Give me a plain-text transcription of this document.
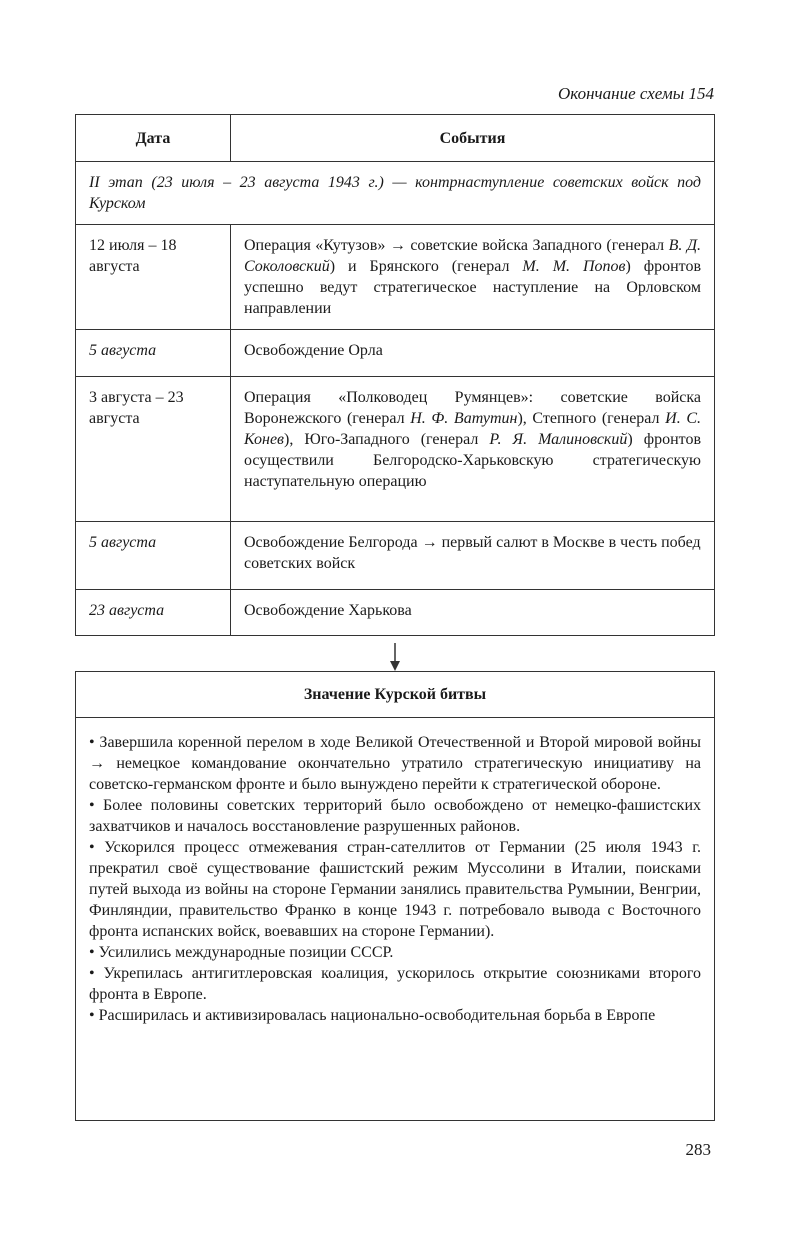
Окончание схемы 154
Дата	События
II этап (23 июля – 23 августа 1943 г.) — контрнаступление советских войск под Курском	
12 июля – 18 августа	Операция «Кутузов» → советские войска Западного (генерал В. Д. Соколовский) и Брянского (генерал М. М. Попов) фронтов успешно ведут стратегическое наступление на Орловском направлении
5 августа	Освобождение Орла
3 августа – 23 августа	Операция «Полководец Румянцев»: советские войска Воронежского (генерал Н. Ф. Ватутин), Степного (генерал И. С. Конев), Юго-Западного (генерал Р. Я. Малиновский) фронтов осуществили Белгородско-Харьковскую стратегическую наступательную операцию
5 августа	Освобождение Белгорода → первый салют в Москве в честь побед советских войск
23 августа	Освобождение Харькова
Значение Курской битвы
• Завершила коренной перелом в ходе Великой Отечественной и Второй мировой войны → немецкое командование окончательно утратило стратегическую инициативу на советско-германском фронте и было вынуждено перейти к стратегической обороне.
• Более половины советских территорий было освобождено от немецко-фашистских захватчиков и началось восстановление разрушенных районов.
• Ускорился процесс отмежевания стран-сателлитов от Германии (25 июля 1943 г. прекратил своё существование фашистский режим Муссолини в Италии, поисками путей выхода из войны на стороне Германии занялись правительства Румынии, Венгрии, Финляндии, правительство Франко в конце 1943 г. потребовало вывода с Восточного фронта испанских войск, воевавших на стороне Германии).
• Усилились международные позиции СССР.
• Укрепилась антигитлеровская коалиция, ускорилось открытие союзниками второго фронта в Европе.
• Расширилась и активизировалась национально-освободительная борьба в Европе
283
